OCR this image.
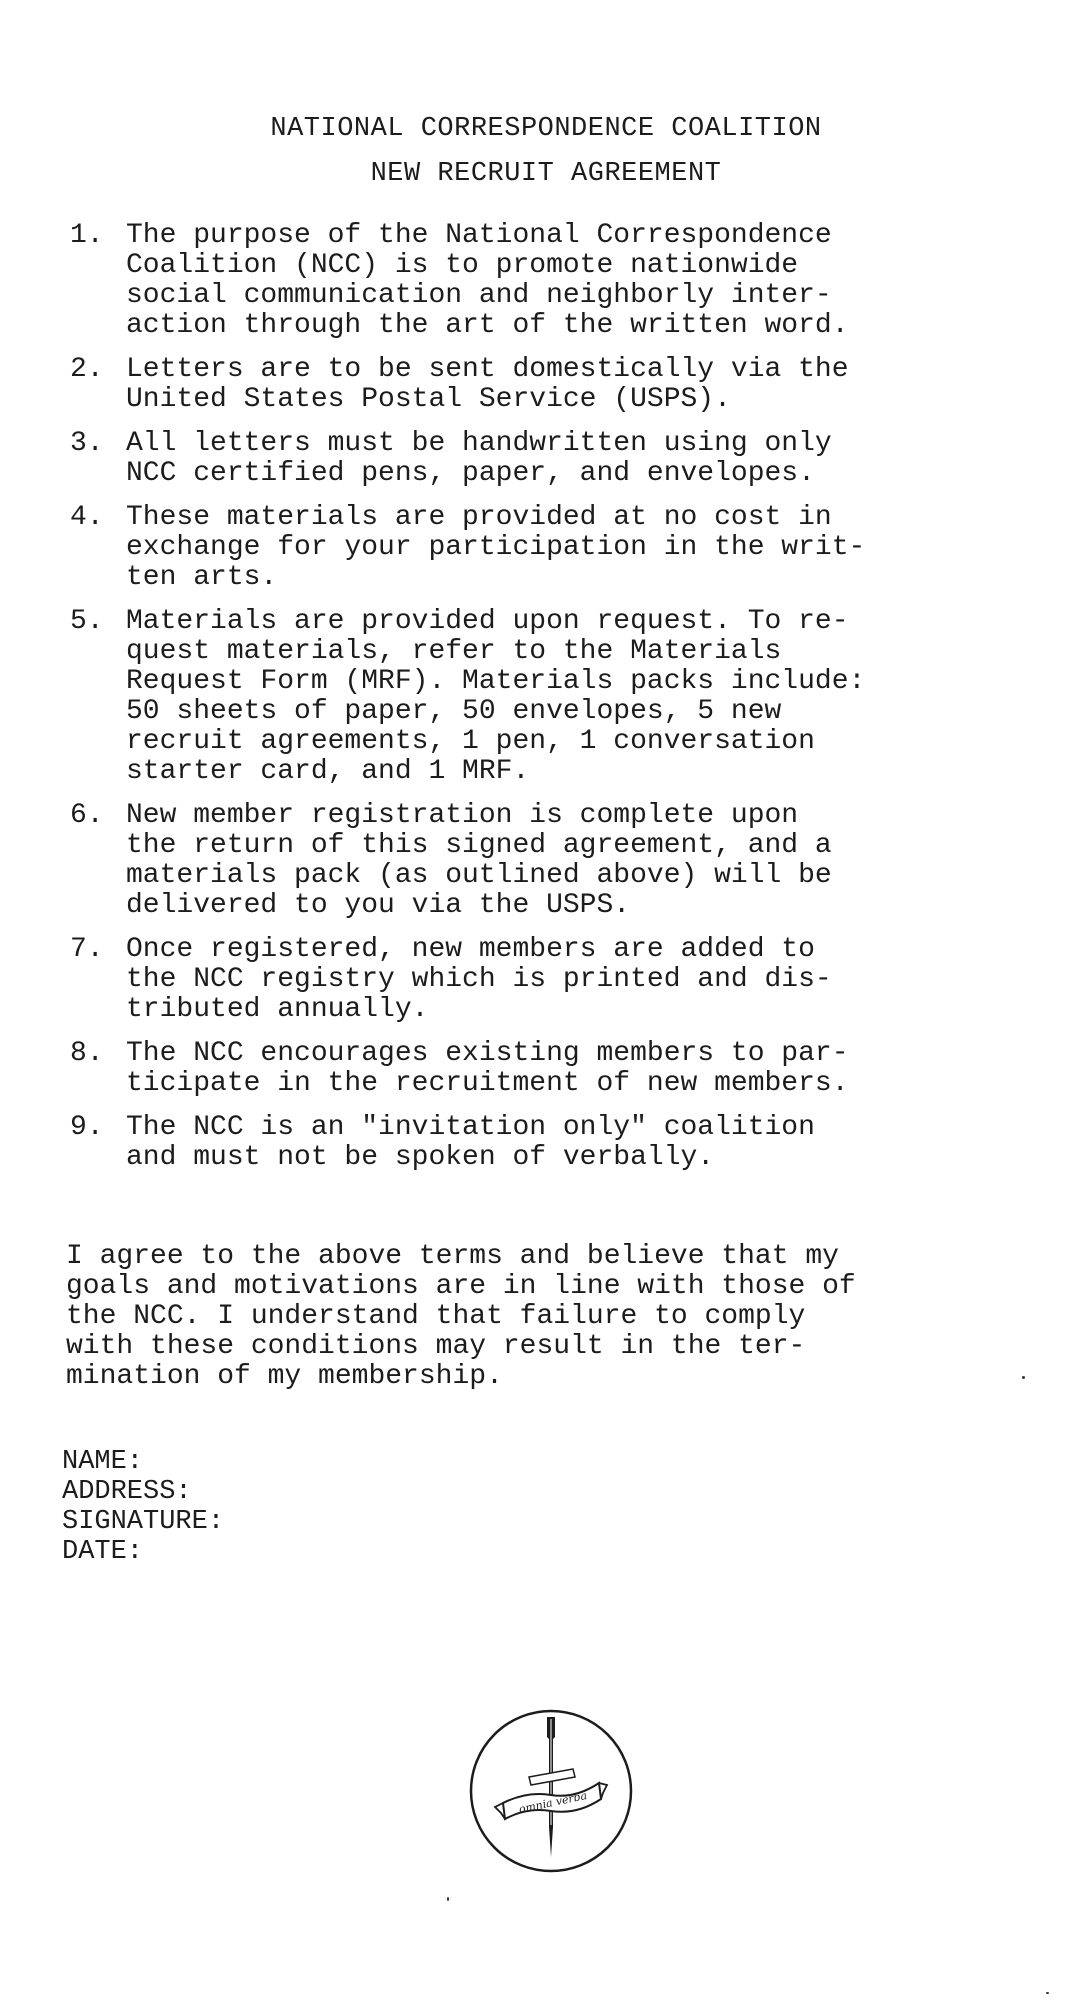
NATIONAL CORRESPONDENCE COALITION
NEW RECRUIT AGREEMENT
1. The purpose of the National Correspondence
Coalition (NCC) is to promote nationwide
social communication and neighborly inter-
action through the art of the written word.
2. Letters are to be sent domestically via the
United States Postal Service (USPS).
3. All letters must be handwritten using only
NCC certified pens, paper, and envelopes.
4. These materials are provided at no cost in
exchange for your participation in the writ-
ten arts.
5. Materials are provided upon request. To re-
quest materials, refer to the Materials
Request Form (MRF). Materials packs include:
50 sheets of paper, 50 envelopes, 5 new
recruit agreements, 1 pen, 1 conversation
starter card, and 1 MRF.
6. New member registration is complete upon
the return of this signed agreement, and a
materials pack (as outlined above) will be
delivered to you via the USPS.
7. Once registered, new members are added to
the NCC registry which is printed and dis-
tributed annually.
8. The NCC encourages existing members to par-
ticipate in the recruitment of new members.
9. The NCC is an "invitation only" coalition
and must not be spoken of verbally.
I agree to the above terms and believe that my
goals and motivations are in line with those of
the NCC. I understand that failure to comply
with these conditions may result in the ter-
mination of my membership.
NAME:
ADDRESS:
SIGNATURE:
DATE:
omnia verba
